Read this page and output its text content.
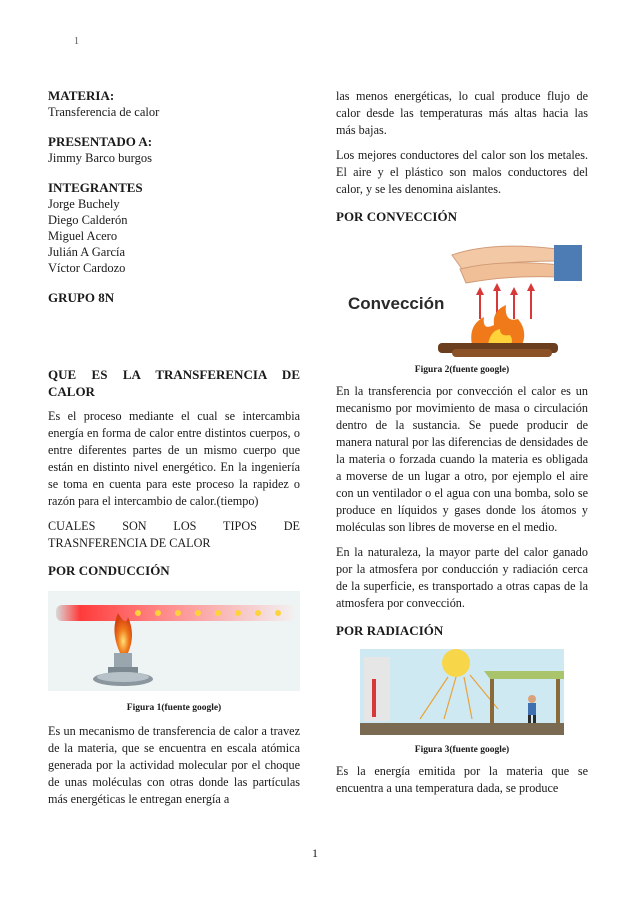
1

MATERIA:

Transferencia de calor

PRESENTADO A:

Jimmy Barco burgos

INTEGRANTES

Jorge Buchely

Diego Calderón

Miguel Acero

Julián A García

Víctor Cardozo

GRUPO 8N

QUE ES LA TRANSFERENCIA DE CALOR

Es el proceso mediante el cual se intercambia energía en forma de calor entre distintos cuerpos, o entre diferentes partes de un mismo cuerpo que están en distinto nivel energético. En la ingeniería se toma en cuenta para este proceso la rapidez o razón para el intercambio de calor.(tiempo)

CUALES SON LOS TIPOS DE

TRASNFERENCIA DE CALOR

POR CONDUCCIÓN

Figura 1(fuente google)

Es un mecanismo de transferencia de calor a travez de la materia, que se encuentra en escala atómica generada por la actividad molecular por el choque de unas moléculas con otras donde las partículas más energéticas le entregan energía a

las menos energéticas, lo cual produce flujo de calor desde las temperaturas más altas hacia las más bajas.

Los mejores conductores del calor son los metales. El aire y el plástico son malos conductores del calor, y se les denomina aislantes.

POR CONVECCIÓN

Convección

Figura 2(fuente google)

En la transferencia por convección el calor es un mecanismo por movimiento de masa o circulación dentro de la sustancia. Se puede producir de manera natural por las diferencias de densidades de la materia o forzada cuando la materia es obligada a moverse de un lugar a otro, por ejemplo el aire con un ventilador o el agua con una bomba, solo se produce en líquidos y gases donde los átomos y moléculas son libres de moverse en el medio.

En la naturaleza, la mayor parte del calor ganado por la atmosfera por conducción y radiación cerca de la superficie, es transportado a otras capas de la atmosfera por convección.

POR RADIACIÓN

Figura 3(fuente google)

Es la energía emitida por la materia que se encuentra a una temperatura dada, se produce

1
